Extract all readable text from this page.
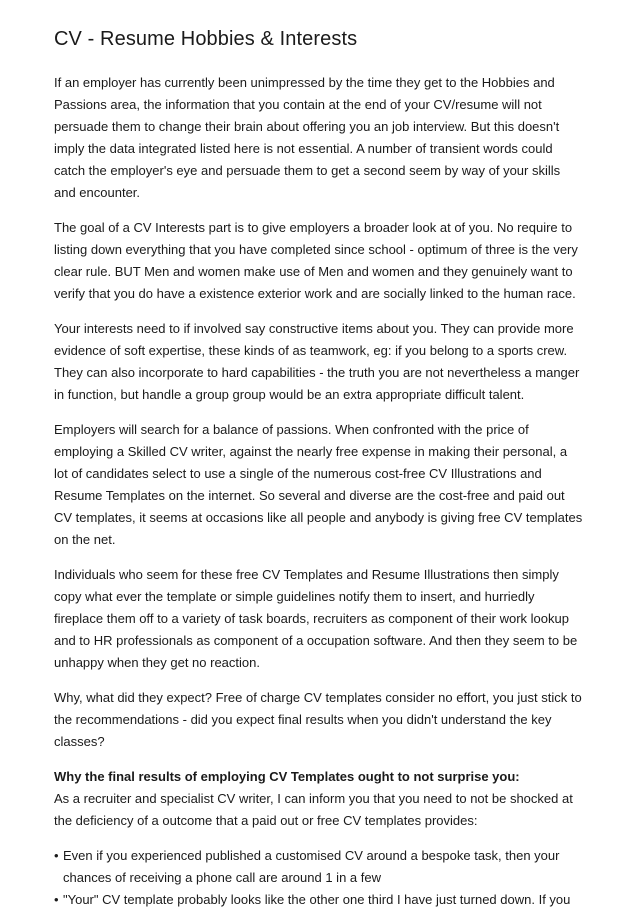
CV - Resume Hobbies & Interests

If an employer has currently been unimpressed by the time they get to the Hobbies and Passions area, the information that you contain at the end of your CV/resume will not persuade them to change their brain about offering you an job interview. But this doesn't imply the data integrated listed here is not essential. A number of transient words could catch the employer's eye and persuade them to get a second seem by way of your skills and encounter.

The goal of a CV Interests part is to give employers a broader look at of you. No require to listing down everything that you have completed since school - optimum of three is the very clear rule. BUT Men and women make use of Men and women and they genuinely want to verify that you do have a existence exterior work and are socially linked to the human race.

Your interests need to if involved say constructive items about you. They can provide more evidence of soft expertise, these kinds of as teamwork, eg: if you belong to a sports crew. They can also incorporate to hard capabilities - the truth you are not nevertheless a manger in function, but handle a group group would be an extra appropriate difficult talent.

Employers will search for a balance of passions. When confronted with the price of employing a Skilled CV writer, against the nearly free expense in making their personal, a lot of candidates select to use a single of the numerous cost-free CV Illustrations and Resume Templates on the internet. So several and diverse are the cost-free and paid out CV templates, it seems at occasions like all people and anybody is giving free CV templates on the net.

Individuals who seem for these free CV Templates and Resume Illustrations then simply copy what ever the template or simple guidelines notify them to insert, and hurriedly fireplace them off to a variety of task boards, recruiters as component of their work lookup and to HR professionals as component of a occupation software. And then they seem to be unhappy when they get no reaction.

Why, what did they expect? Free of charge CV templates consider no effort, you just stick to the recommendations - did you expect final results when you didn't understand the key classes?

Why the final results of employing CV Templates ought to not surprise you:

As a recruiter and specialist CV writer, I can inform you that you need to not be shocked at the deficiency of a outcome that a paid out or free CV templates provides:

• Even if you experienced published a customised CV around a bespoke task, then your chances of receiving a phone call are around 1 in a few
• "Your" CV template probably looks like the other one third I have just turned down. If you
